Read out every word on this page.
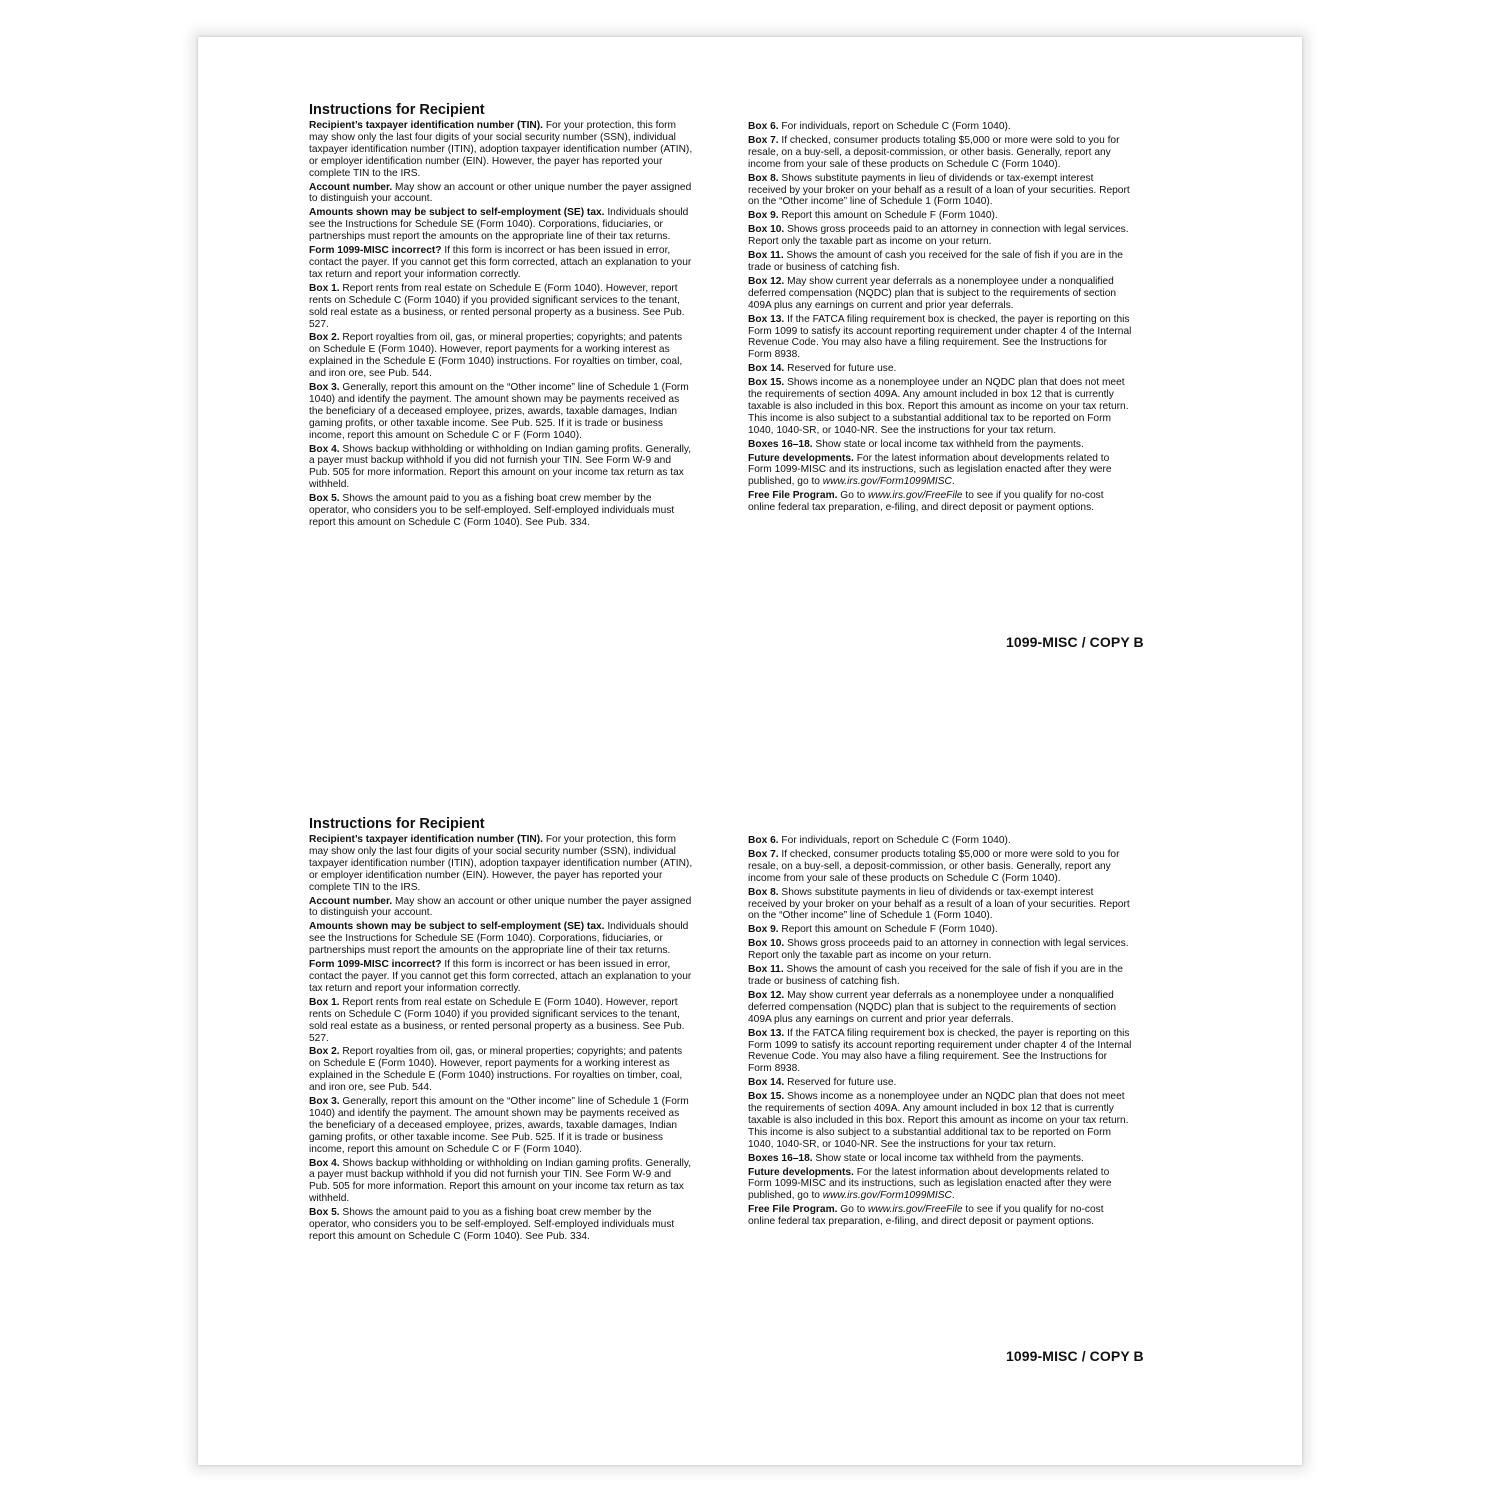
Instructions for Recipient
Recipient’s taxpayer identification number (TIN). For your protection, this form may show only the last four digits of your social security number (SSN), individual taxpayer identification number (ITIN), adoption taxpayer identification number (ATIN), or employer identification number (EIN). However, the payer has reported your complete TIN to the IRS.
Account number. May show an account or other unique number the payer assigned to distinguish your account.
Amounts shown may be subject to self-employment (SE) tax. Individuals should see the Instructions for Schedule SE (Form 1040). Corporations, fiduciaries, or partnerships must report the amounts on the appropriate line of their tax returns.
Form 1099-MISC incorrect? If this form is incorrect or has been issued in error, contact the payer. If you cannot get this form corrected, attach an explanation to your tax return and report your information correctly.
Box 1. Report rents from real estate on Schedule E (Form 1040). However, report rents on Schedule C (Form 1040) if you provided significant services to the tenant, sold real estate as a business, or rented personal property as a business. See Pub. 527.
Box 2. Report royalties from oil, gas, or mineral properties; copyrights; and patents on Schedule E (Form 1040). However, report payments for a working interest as explained in the Schedule E (Form 1040) instructions. For royalties on timber, coal, and iron ore, see Pub. 544.
Box 3. Generally, report this amount on the “Other income” line of Schedule 1 (Form 1040) and identify the payment. The amount shown may be payments received as the beneficiary of a deceased employee, prizes, awards, taxable damages, Indian gaming profits, or other taxable income. See Pub. 525. If it is trade or business income, report this amount on Schedule C or F (Form 1040).
Box 4. Shows backup withholding or withholding on Indian gaming profits. Generally, a payer must backup withhold if you did not furnish your TIN. See Form W-9 and Pub. 505 for more information. Report this amount on your income tax return as tax withheld.
Box 5. Shows the amount paid to you as a fishing boat crew member by the operator, who considers you to be self-employed. Self-employed individuals must report this amount on Schedule C (Form 1040). See Pub. 334.
Box 6. For individuals, report on Schedule C (Form 1040).
Box 7. If checked, consumer products totaling $5,000 or more were sold to you for resale, on a buy-sell, a deposit-commission, or other basis. Generally, report any income from your sale of these products on Schedule C (Form 1040).
Box 8. Shows substitute payments in lieu of dividends or tax-exempt interest received by your broker on your behalf as a result of a loan of your securities. Report on the “Other income” line of Schedule 1 (Form 1040).
Box 9. Report this amount on Schedule F (Form 1040).
Box 10. Shows gross proceeds paid to an attorney in connection with legal services. Report only the taxable part as income on your return.
Box 11. Shows the amount of cash you received for the sale of fish if you are in the trade or business of catching fish.
Box 12. May show current year deferrals as a nonemployee under a nonqualified deferred compensation (NQDC) plan that is subject to the requirements of section 409A plus any earnings on current and prior year deferrals.
Box 13. If the FATCA filing requirement box is checked, the payer is reporting on this Form 1099 to satisfy its account reporting requirement under chapter 4 of the Internal Revenue Code. You may also have a filing requirement. See the Instructions for Form 8938.
Box 14. Reserved for future use.
Box 15. Shows income as a nonemployee under an NQDC plan that does not meet the requirements of section 409A. Any amount included in box 12 that is currently taxable is also included in this box. Report this amount as income on your tax return. This income is also subject to a substantial additional tax to be reported on Form 1040, 1040-SR, or 1040-NR. See the instructions for your tax return.
Boxes 16–18. Show state or local income tax withheld from the payments.
Future developments. For the latest information about developments related to Form 1099-MISC and its instructions, such as legislation enacted after they were published, go to www.irs.gov/Form1099MISC.
Free File Program. Go to www.irs.gov/FreeFile to see if you qualify for no-cost online federal tax preparation, e-filing, and direct deposit or payment options.
1099-MISC / COPY B
Instructions for Recipient
Recipient’s taxpayer identification number (TIN). For your protection, this form may show only the last four digits of your social security number (SSN), individual taxpayer identification number (ITIN), adoption taxpayer identification number (ATIN), or employer identification number (EIN). However, the payer has reported your complete TIN to the IRS.
Account number. May show an account or other unique number the payer assigned to distinguish your account.
Amounts shown may be subject to self-employment (SE) tax. Individuals should see the Instructions for Schedule SE (Form 1040). Corporations, fiduciaries, or partnerships must report the amounts on the appropriate line of their tax returns.
Form 1099-MISC incorrect? If this form is incorrect or has been issued in error, contact the payer. If you cannot get this form corrected, attach an explanation to your tax return and report your information correctly.
Box 1. Report rents from real estate on Schedule E (Form 1040). However, report rents on Schedule C (Form 1040) if you provided significant services to the tenant, sold real estate as a business, or rented personal property as a business. See Pub. 527.
Box 2. Report royalties from oil, gas, or mineral properties; copyrights; and patents on Schedule E (Form 1040). However, report payments for a working interest as explained in the Schedule E (Form 1040) instructions. For royalties on timber, coal, and iron ore, see Pub. 544.
Box 3. Generally, report this amount on the “Other income” line of Schedule 1 (Form 1040) and identify the payment. The amount shown may be payments received as the beneficiary of a deceased employee, prizes, awards, taxable damages, Indian gaming profits, or other taxable income. See Pub. 525. If it is trade or business income, report this amount on Schedule C or F (Form 1040).
Box 4. Shows backup withholding or withholding on Indian gaming profits. Generally, a payer must backup withhold if you did not furnish your TIN. See Form W-9 and Pub. 505 for more information. Report this amount on your income tax return as tax withheld.
Box 5. Shows the amount paid to you as a fishing boat crew member by the operator, who considers you to be self-employed. Self-employed individuals must report this amount on Schedule C (Form 1040). See Pub. 334.
Box 6. For individuals, report on Schedule C (Form 1040).
Box 7. If checked, consumer products totaling $5,000 or more were sold to you for resale, on a buy-sell, a deposit-commission, or other basis. Generally, report any income from your sale of these products on Schedule C (Form 1040).
Box 8. Shows substitute payments in lieu of dividends or tax-exempt interest received by your broker on your behalf as a result of a loan of your securities. Report on the “Other income” line of Schedule 1 (Form 1040).
Box 9. Report this amount on Schedule F (Form 1040).
Box 10. Shows gross proceeds paid to an attorney in connection with legal services. Report only the taxable part as income on your return.
Box 11. Shows the amount of cash you received for the sale of fish if you are in the trade or business of catching fish.
Box 12. May show current year deferrals as a nonemployee under a nonqualified deferred compensation (NQDC) plan that is subject to the requirements of section 409A plus any earnings on current and prior year deferrals.
Box 13. If the FATCA filing requirement box is checked, the payer is reporting on this Form 1099 to satisfy its account reporting requirement under chapter 4 of the Internal Revenue Code. You may also have a filing requirement. See the Instructions for Form 8938.
Box 14. Reserved for future use.
Box 15. Shows income as a nonemployee under an NQDC plan that does not meet the requirements of section 409A. Any amount included in box 12 that is currently taxable is also included in this box. Report this amount as income on your tax return. This income is also subject to a substantial additional tax to be reported on Form 1040, 1040-SR, or 1040-NR. See the instructions for your tax return.
Boxes 16–18. Show state or local income tax withheld from the payments.
Future developments. For the latest information about developments related to Form 1099-MISC and its instructions, such as legislation enacted after they were published, go to www.irs.gov/Form1099MISC.
Free File Program. Go to www.irs.gov/FreeFile to see if you qualify for no-cost online federal tax preparation, e-filing, and direct deposit or payment options.
1099-MISC / COPY B
